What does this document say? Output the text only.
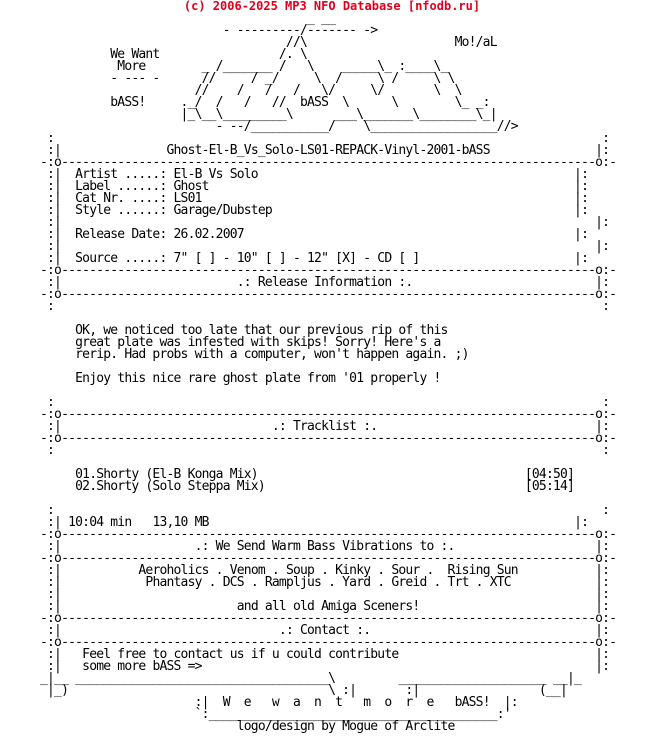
(c) 2006-2025 MP3 NFO Database [nfodb.ru]
_ __
- ---------/------- ->
//\                     Mo!/aL
We Want                 /. \
More        _ /_______ /   \    _____\_ :____\_
- --- -      //     / _/     \  /     \ /     \ \
//    /   /   /   \/     \/       \  \
bASS!     ._/  /   /   //  bASS  \      \        \_ _:
|_\__\_________\      ___\_______\________\_|
- --/___________/    \__________________//>
:                                                                              :
:|               Ghost-El-B_Vs_Solo-LS01-REPACK-Vinyl-2001-bASS               |:
-:o----------------------------------------------------------------------------o:-
:|  Artist .....: El-B Vs Solo                                             |:
:|  Label ......: Ghost                                                    |:
:|  Cat Nr. ....: LS01                                                     |:
:|  Style ......: Garage/Dubstep                                           |:
:|	|:
:|  Release Date: 26.02.2007                                               |:
:|	|:
:|  Source .....: 7" [ ] - 10" [ ] - 12" [X] - CD [ ]                      |:
-:o----------------------------------------------------------------------------o:-
:|                         .: Release Information :.                          |:
-:o----------------------------------------------------------------------------o:-
:                                                                              :

OK, we noticed too late that our previous rip of this
great plate was infested with skips! Sorry! Here's a
rerip. Had probs with a computer, won't happen again. ;)

Enjoy this nice rare ghost plate from '01 properly !

:                                                                              :
-:o----------------------------------------------------------------------------o:-
:|                              .: Tracklist :.                               |:
-:o----------------------------------------------------------------------------o:-
:                                                                              :

01.Shorty (El-B Konga Mix)                                      [04:50]
02.Shorty (Solo Steppa Mix)                                     [05:14]

:                                                                              :
:| 10:04 min 13,10 MB                                                    |:
-:o----------------------------------------------------------------------------o:-
:|                   .: We Send Warm Bass Vibrations to :.                    |:
-:o----------------------------------------------------------------------------o:-
:|           Aeroholics . Venom . Soup . Kinky . Sour .  Rising Sun           |:
:|            Phantasy . DCS . Rampljus . Yard . Greid . Trt . XTC            |:
:|	|:
:|                         and all old Amiga Sceners!                         |:
-:o----------------------------------------------------------------------------o:-
:|                               .: Contact :.                                |:
-:o----------------------------------------------------------------------------o:-
:|   Feel free to contact us if u could contribute                            |:
:|   some more bASS =>                                                        |:
_|__ ____________________________________\         _____________________ __|_
|_)                                     \ :|       :|                 (__|
:|  W  e   w  a  n  t   m  o  r  e   bASS!  |:
`:_________________________________________:'
logo/design by Mogue of Arclite
